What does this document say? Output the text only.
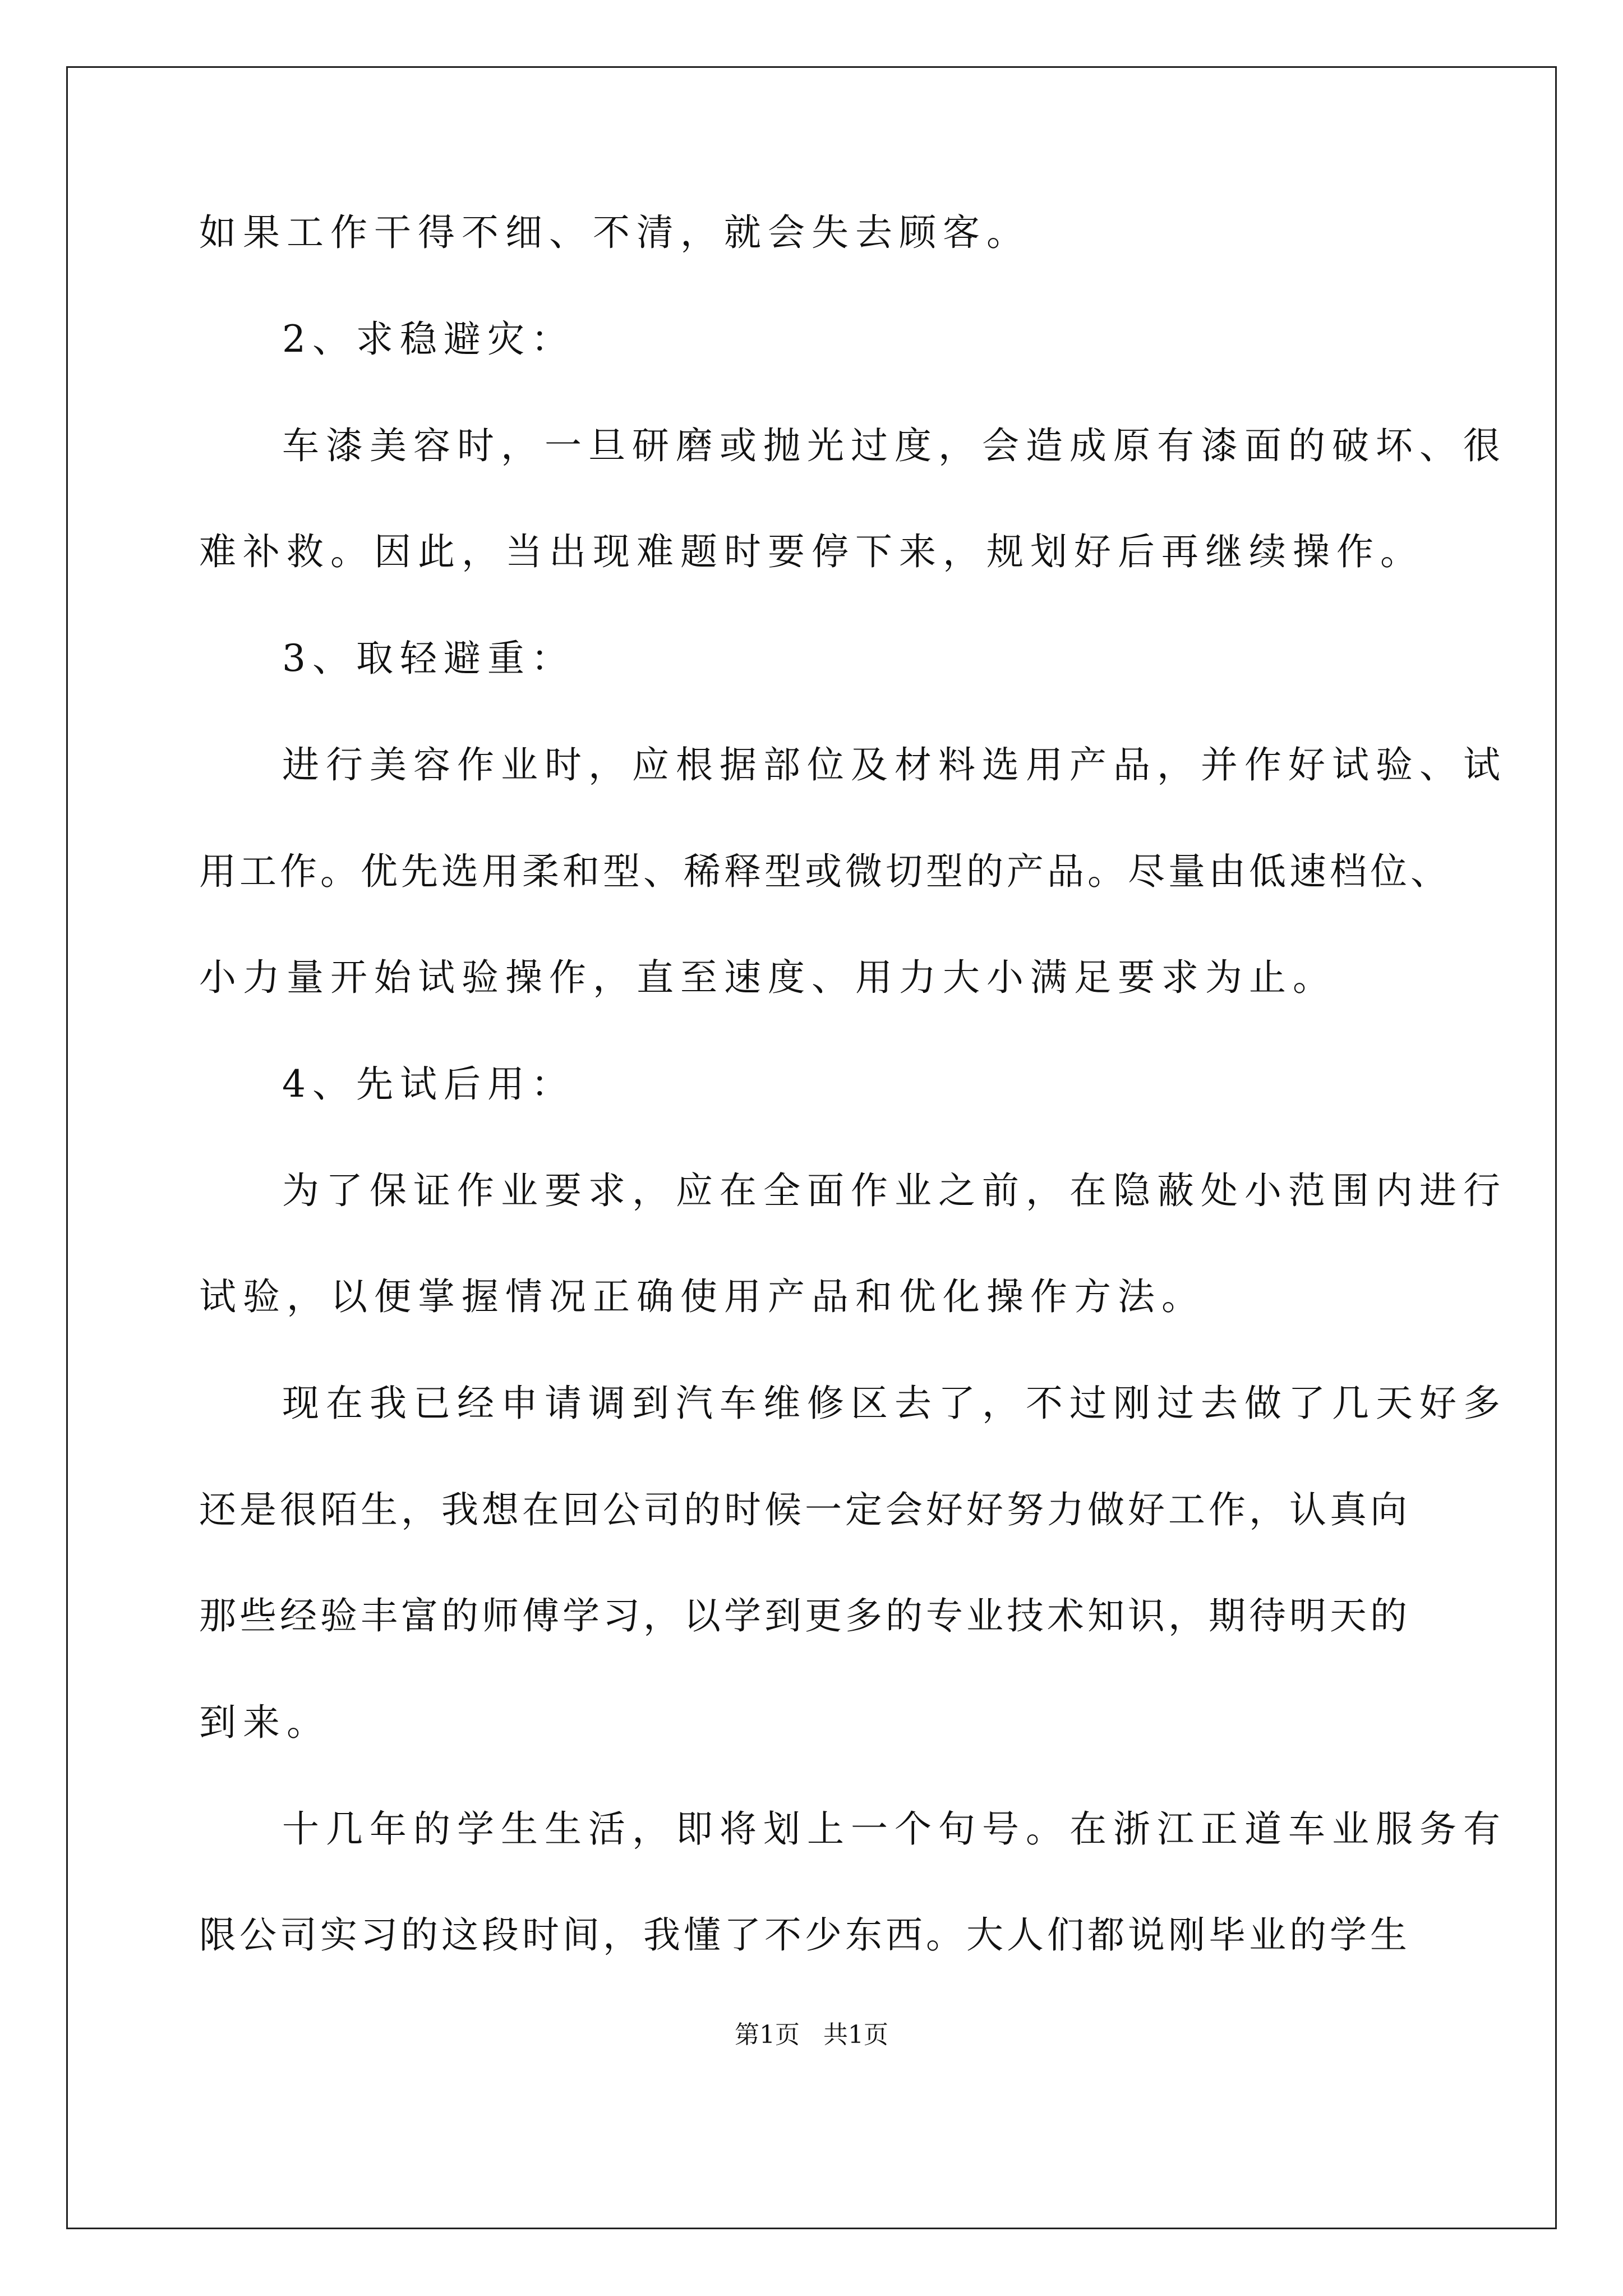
如果工作干得不细、不清，就会失去顾客。
2、求稳避灾：
车漆美容时，一旦研磨或抛光过度，会造成原有漆面的破坏、很
难补救。因此，当出现难题时要停下来，规划好后再继续操作。
3、取轻避重：
进行美容作业时，应根据部位及材料选用产品，并作好试验、试
用工作。优先选用柔和型、稀释型或微切型的产品。尽量由低速档位、
小力量开始试验操作，直至速度、用力大小满足要求为止。
4、先试后用：
为了保证作业要求，应在全面作业之前，在隐蔽处小范围内进行
试验，以便掌握情况正确使用产品和优化操作方法。
现在我已经申请调到汽车维修区去了，不过刚过去做了几天好多
还是很陌生，我想在回公司的时候一定会好好努力做好工作，认真向
那些经验丰富的师傅学习，以学到更多的专业技术知识，期待明天的
到来。
十几年的学生生活，即将划上一个句号。在浙江正道车业服务有
限公司实习的这段时间，我懂了不少东西。大人们都说刚毕业的学生
第1页 共1页
